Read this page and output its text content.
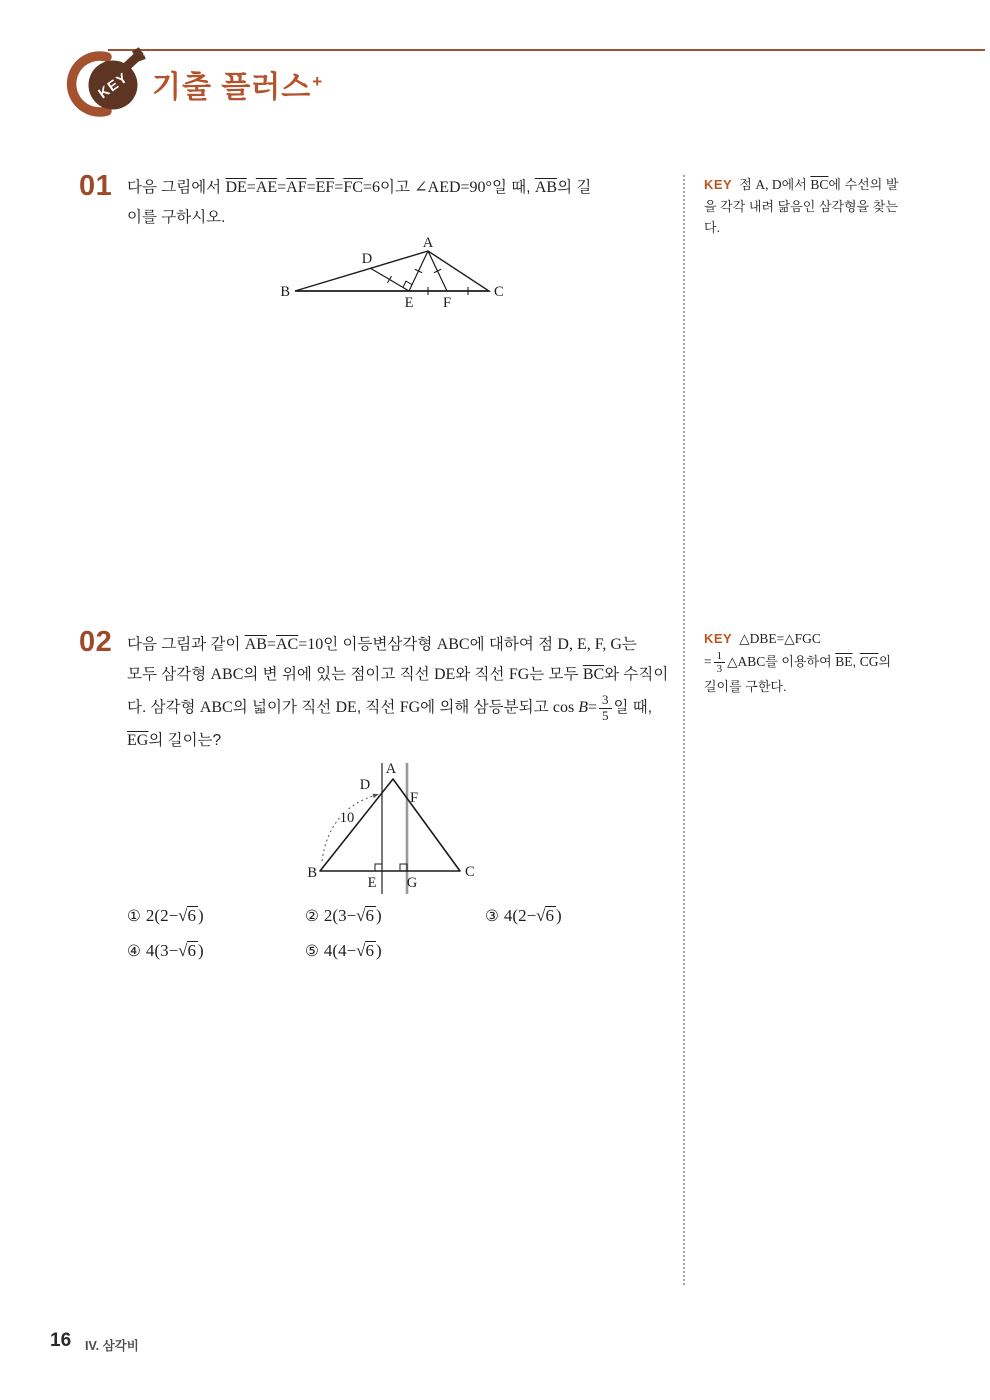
KEY 기출 플러스+
01 다음 그림에서 $\overline{DE}=\overline{AE}=\overline{AF}=\overline{EF}=\overline{FC}=6$이고 ∠AED=90°일 때, $\overline{AB}$의 길

이를 구하시오.

A
B	C
D
E F

KEY 점 A, D에서 $\overline{BC}$에 수선의 발

을 각각 내려 닮음인 삼각형을 찾는

다.

02 다음 그림과 같이 $\overline{AB}=\overline{AC}=10$인 이등변삼각형 ABC에 대하여 점 D, E, F, G는

모두 삼각형 ABC의 변 위에 있는 점이고 직선 DE와 직선 FG는 모두 $\overline{BC}$와 수직이

다. 삼각형 ABC의 넓이가 직선 DE, 직선 FG에 의해 삼등분되고 $\cos B= \frac{3}{5}$ 일 때,

$\overline{EG}$의 길이는?

10
A
B	C
D
F
E G
① 2(2−√6 )	② 2(3−√6 )	③ 4(2−√6 )
④ 4(3−√6 )	⑤ 4(4−√6 )

KEY △DBE=△FGC

= $\frac{1}{3}$ △ABC를 이용하여 $\overline{BE}$, $\overline{CG}$의

길이를 구한다.

16 IV. 삼각비
